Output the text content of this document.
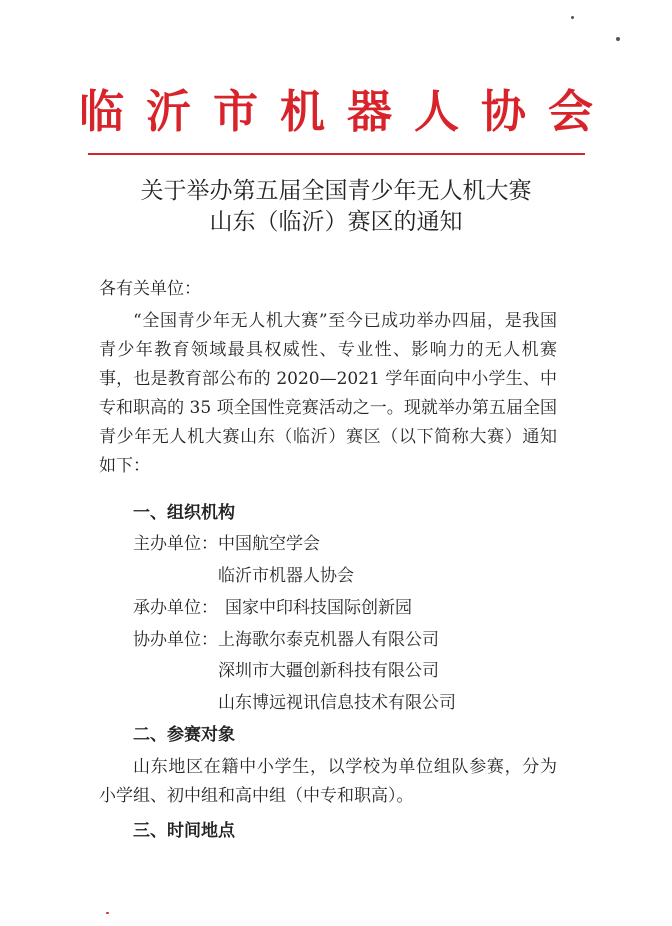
临沂市机器人协会
关于举办第五届全国青少年无人机大赛
山东（临沂）赛区的通知
各有关单位：
“全国青少年无人机大赛”至今已成功举办四届，是我国青少年教育领域最具权威性、专业性、影响力的无人机赛事，也是教育部公布的 2020—2021 学年面向中小学生、中专和职高的 35 项全国性竞赛活动之一。现就举办第五届全国青少年无人机大赛山东（临沂）赛区（以下简称大赛）通知如下：
一、组织机构
主办单位： 中国航空学会
临沂市机器人协会
承办单位： 国家中印科技国际创新园
协办单位： 上海歌尔泰克机器人有限公司
深圳市大疆创新科技有限公司
山东博远视讯信息技术有限公司
二、参赛对象
山东地区在籍中小学生，以学校为单位组队参赛，分为小学组、初中组和高中组（中专和职高）。
三、时间地点
